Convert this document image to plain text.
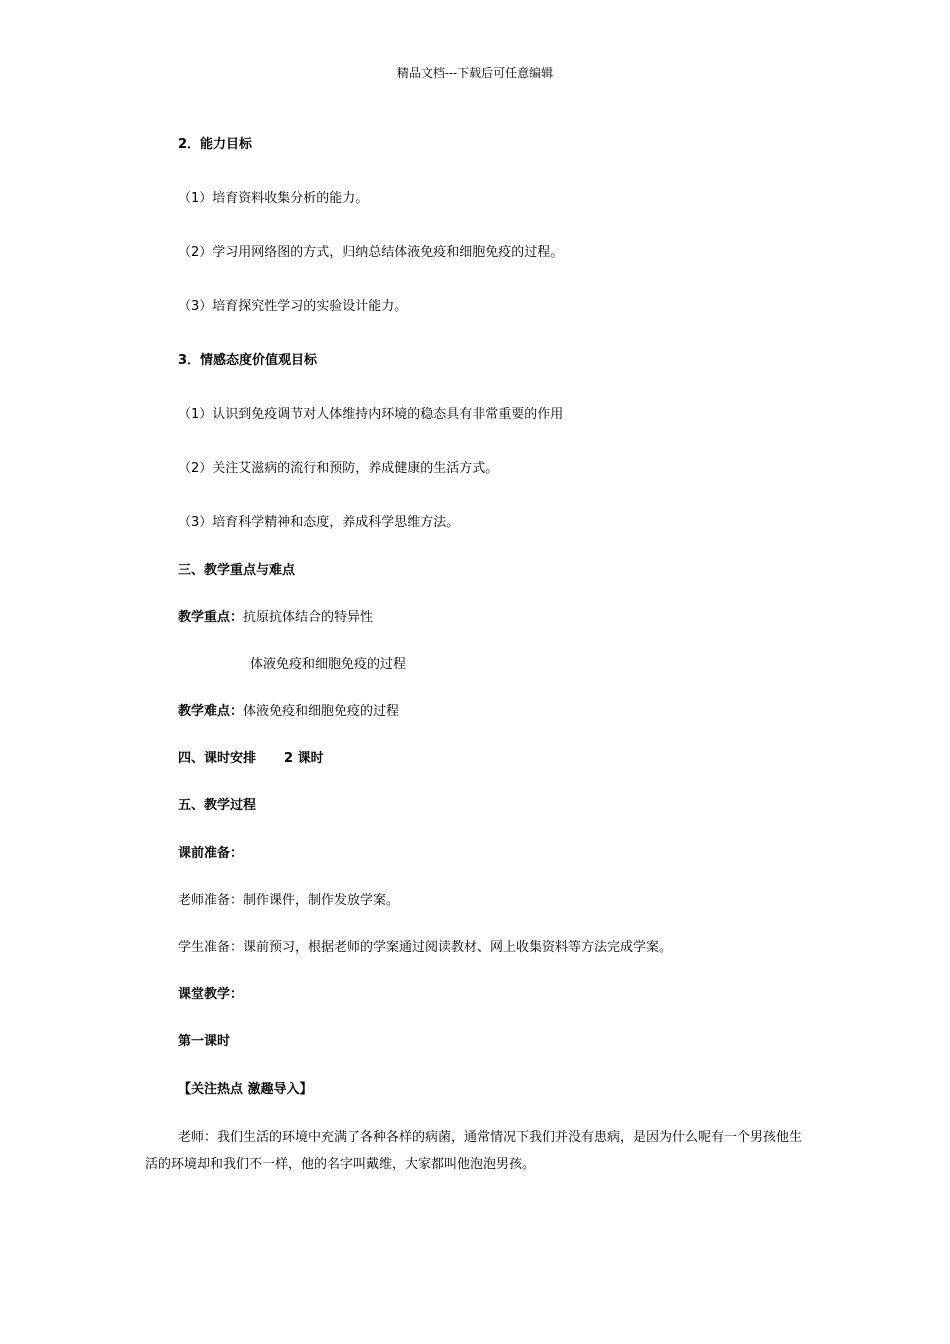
精品文档---下载后可任意编辑
2．能力目标
（1）培育资料收集分析的能力。
（2）学习用网络图的方式，归纳总结体液免疫和细胞免疫的过程。
（3）培育探究性学习的实验设计能力。
3．情感态度价值观目标
（1）认识到免疫调节对人体维持内环境的稳态具有非常重要的作用
（2）关注艾滋病的流行和预防，养成健康的生活方式。
（3）培育科学精神和态度，养成科学思维方法。
三、教学重点与难点
教学重点：抗原抗体结合的特异性
体液免疫和细胞免疫的过程
教学难点：体液免疫和细胞免疫的过程
四、课时安排 2 课时
五、教学过程
课前准备：
老师准备：制作课件，制作发放学案。
学生准备：课前预习，根据老师的学案通过阅读教材、网上收集资料等方法完成学案。
课堂教学：
第一课时
【关注热点 激趣导入】
老师：我们生活的环境中充满了各种各样的病菌，通常情况下我们并没有患病，是因为什么呢有一个男孩他生活的环境却和我们不一样，他的名字叫戴维，大家都叫他泡泡男孩。
